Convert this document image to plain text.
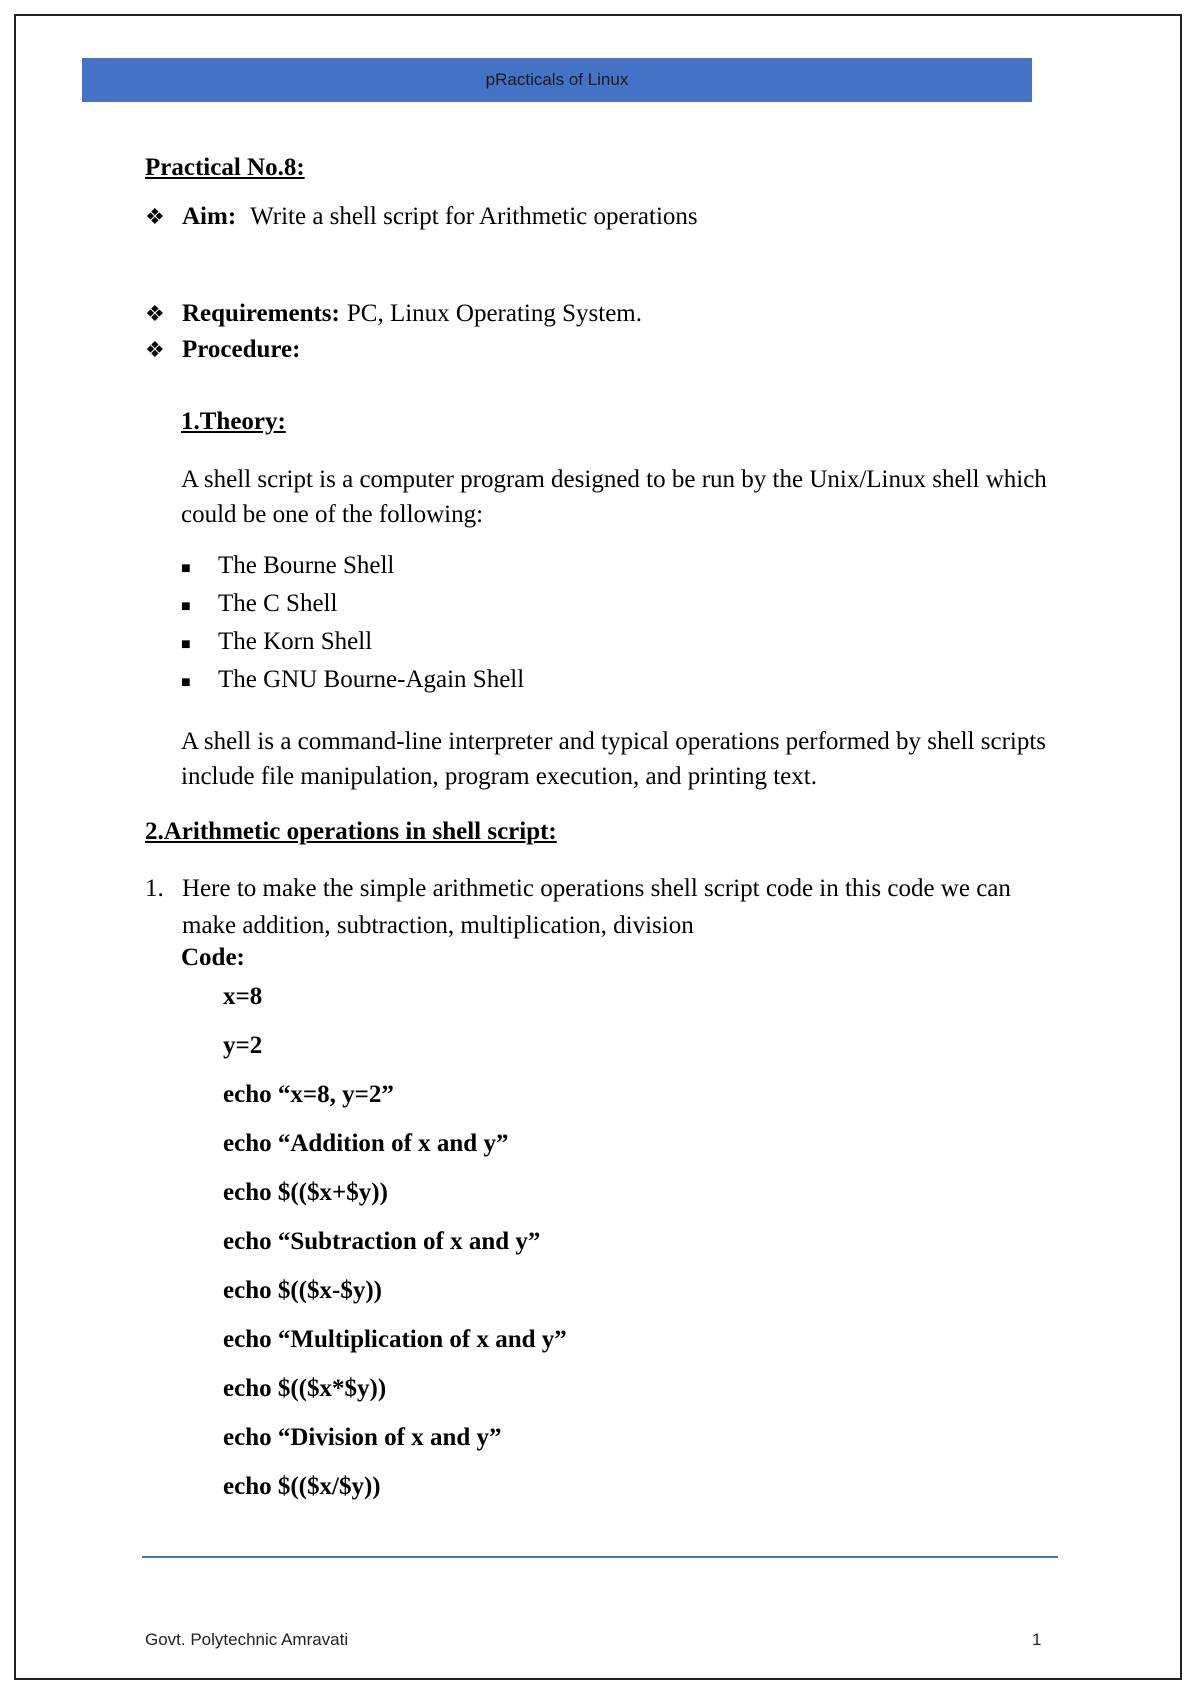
pRacticals of Linux
Practical No.8:
❖ Aim: Write a shell script for Arithmetic operations
❖ Requirements: PC, Linux Operating System.
❖ Procedure:
1.Theory:
A shell script is a computer program designed to be run by the Unix/Linux shell which could be one of the following:
■	The Bourne Shell
■	The C Shell
■	The Korn Shell
■	The GNU Bourne-Again Shell
A shell is a command-line interpreter and typical operations performed by shell scripts include file manipulation, program execution, and printing text.
2.Arithmetic operations in shell script:
1. Here to make the simple arithmetic operations shell script code in this code we can make addition, subtraction, multiplication, division
Code:
x=8
y=2
echo “x=8, y=2”
echo “Addition of x and y”
echo $(($x+$y))
echo “Subtraction of x and y”
echo $(($x-$y))
echo “Multiplication of x and y”
echo $(($x*$y))
echo “Division of x and y”
echo $(($x/$y))
Govt. Polytechnic Amravati	1
